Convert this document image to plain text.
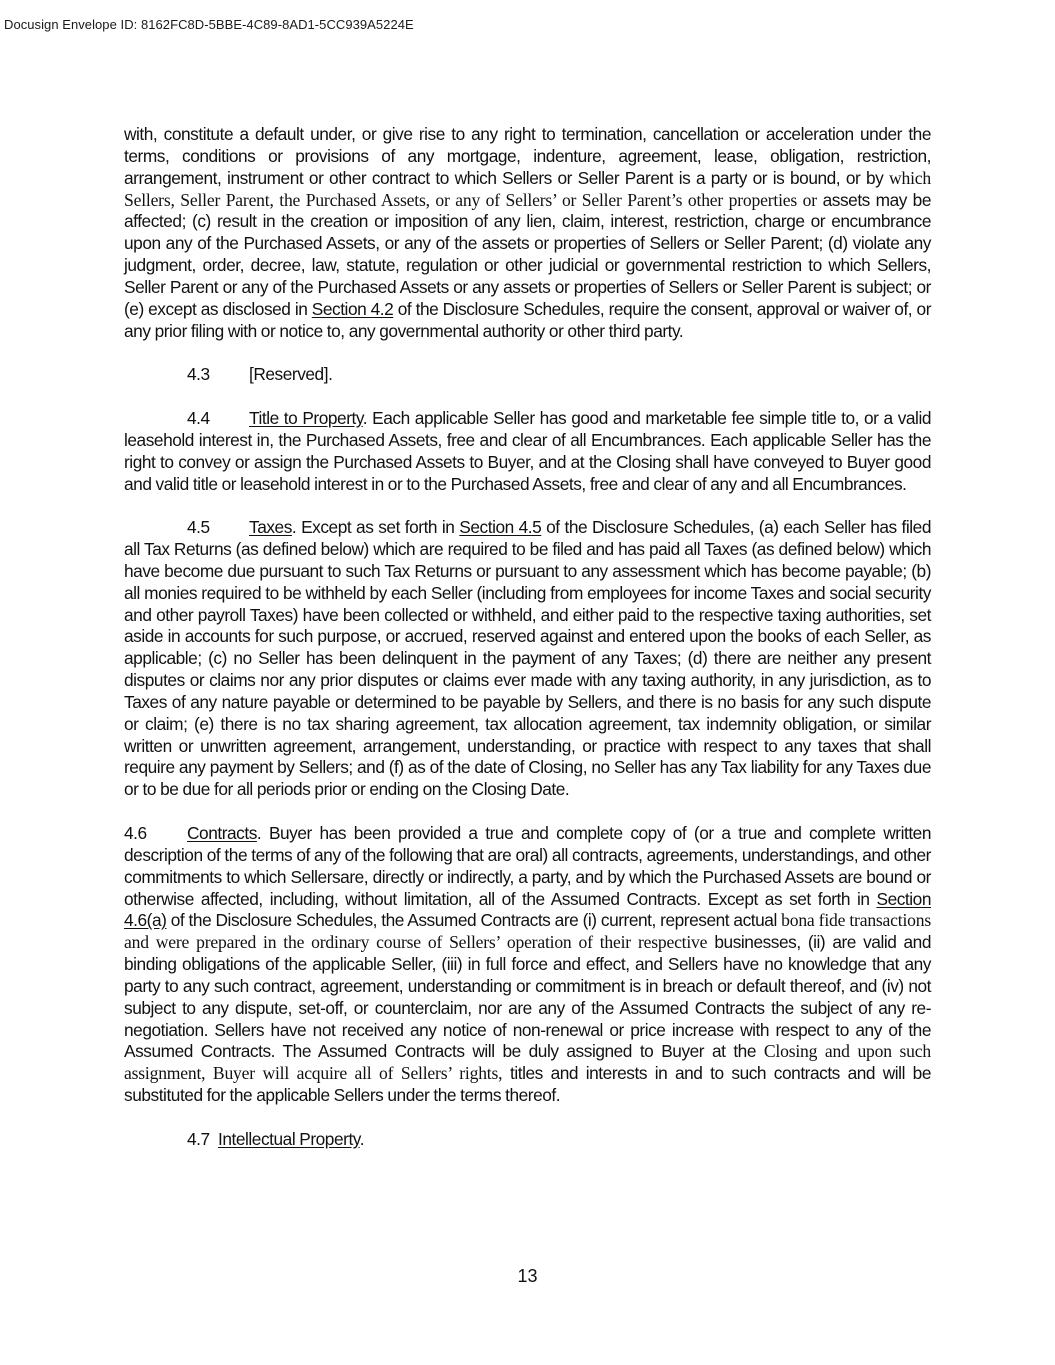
Docusign Envelope ID: 8162FC8D-5BBE-4C89-8AD1-5CC939A5224E

with, constitute a default under, or give rise to any right to termination, cancellation or acceleration under the terms, conditions or provisions of any mortgage, indenture, agreement, lease, obligation, restriction, arrangement, instrument or other contract to which Sellers or Seller Parent is a party or is bound, or by which Sellers, Seller Parent, the Purchased Assets, or any of Sellers’ or Seller Parent’s other properties or assets may be affected; (c) result in the creation or imposition of any lien, claim, interest, restriction, charge or encumbrance upon any of the Purchased Assets, or any of the assets or properties of Sellers or Seller Parent; (d) violate any judgment, order, decree, law, statute, regulation or other judicial or governmental restriction to which Sellers, Seller Parent or any of the Purchased Assets or any assets or properties of Sellers or Seller Parent is subject; or (e) except as disclosed in Section 4.2 of the Disclosure Schedules, require the consent, approval or waiver of, or any prior filing with or notice to, any governmental authority or other third party.

4.3 [Reserved].

4.4 Title to Property. Each applicable Seller has good and marketable fee simple title to, or a valid leasehold interest in, the Purchased Assets, free and clear of all Encumbrances. Each applicable Seller has the right to convey or assign the Purchased Assets to Buyer, and at the Closing shall have conveyed to Buyer good and valid title or leasehold interest in or to the Purchased Assets, free and clear of any and all Encumbrances.

4.5 Taxes. Except as set forth in Section 4.5 of the Disclosure Schedules, (a) each Seller has filed all Tax Returns (as defined below) which are required to be filed and has paid all Taxes (as defined below) which have become due pursuant to such Tax Returns or pursuant to any assessment which has become payable; (b) all monies required to be withheld by each Seller (including from employees for income Taxes and social security and other payroll Taxes) have been collected or withheld, and either paid to the respective taxing authorities, set aside in accounts for such purpose, or accrued, reserved against and entered upon the books of each Seller, as applicable; (c) no Seller has been delinquent in the payment of any Taxes; (d) there are neither any present disputes or claims nor any prior disputes or claims ever made with any taxing authority, in any jurisdiction, as to Taxes of any nature payable or determined to be payable by Sellers, and there is no basis for any such dispute or claim; (e) there is no tax sharing agreement, tax allocation agreement, tax indemnity obligation, or similar written or unwritten agreement, arrangement, understanding, or practice with respect to any taxes that shall require any payment by Sellers; and (f) as of the date of Closing, no Seller has any Tax liability for any Taxes due or to be due for all periods prior or ending on the Closing Date.

4.6 Contracts. Buyer has been provided a true and complete copy of (or a true and complete written description of the terms of any of the following that are oral) all contracts, agreements, understandings, and other commitments to which Sellersare, directly or indirectly, a party, and by which the Purchased Assets are bound or otherwise affected, including, without limitation, all of the Assumed Contracts. Except as set forth in Section 4.6(a) of the Disclosure Schedules, the Assumed Contracts are (i) current, represent actual bona fide transactions and were prepared in the ordinary course of Sellers’ operation of their respective businesses, (ii) are valid and binding obligations of the applicable Seller, (iii) in full force and effect, and Sellers have no knowledge that any party to any such contract, agreement, understanding or commitment is in breach or default thereof, and (iv) not subject to any dispute, set-off, or counterclaim, nor are any of the Assumed Contracts the subject of any re-negotiation. Sellers have not received any notice of non-renewal or price increase with respect to any of the Assumed Contracts. The Assumed Contracts will be duly assigned to Buyer at the Closing and upon such assignment, Buyer will acquire all of Sellers’ rights, titles and interests in and to such contracts and will be substituted for the applicable Sellers under the terms thereof.

4.7 Intellectual Property.

13
